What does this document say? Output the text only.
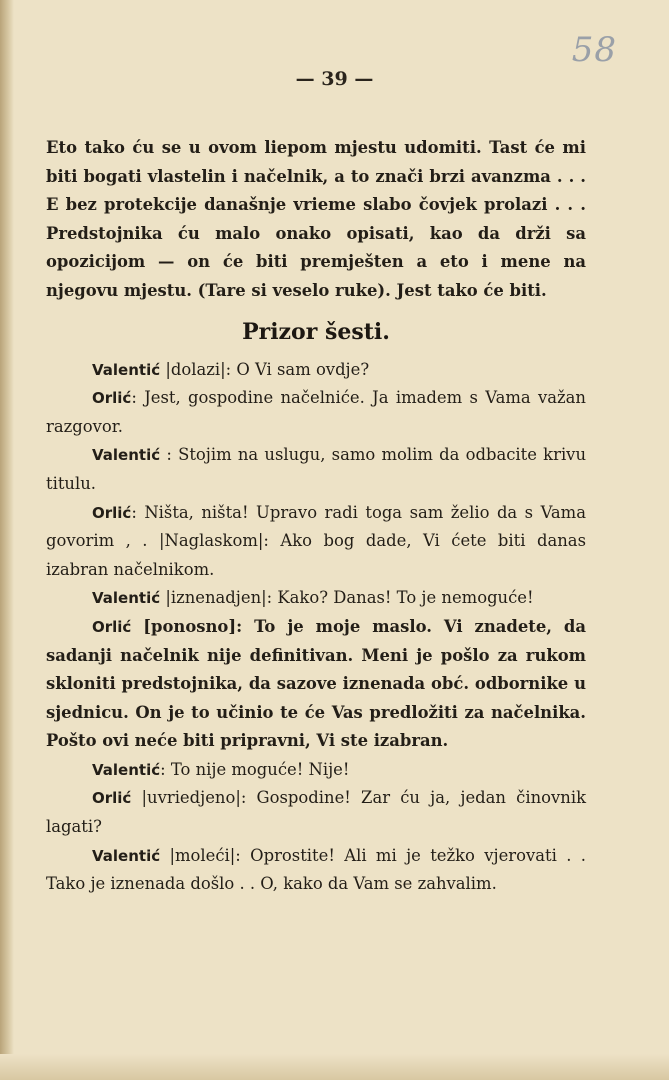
58
— 39 —

Eto tako ću se u ovom liepom mjestu udomiti. Tast će mi biti bogati vlastelin i načelnik, a to znači brzi avanzma . . . E bez protekcije današnje vrieme slabo čovjek prolazi . . . Predstojnika ću malo onako opisati, kao da drži sa opozicijom — on će biti premješten a eto i mene na njegovu mjestu. (Tare si veselo ruke). Jest tako će biti.

Prizor šesti.

Valentić |dolazi|: O Vi sam ovdje?

Orlić: Jest, gospodine načelniće. Ja imadem s Vama važan razgovor.

Valentić : Stojim na uslugu, samo molim da odbacite krivu titulu.

Orlić: Ništa, ništa! Upravo radi toga sam želio da s Vama govorim , . |Naglaskom|: Ako bog dade, Vi ćete biti danas izabran načelnikom.

Valentić |iznenadjen|: Kako? Danas! To je nemoguće!

Orlić [ponosno]: To je moje maslo. Vi znadete, da sadanji načelnik nije definitivan. Meni je pošlo za rukom skloniti predstojnika, da sazove iznenada obć. odbornike u sjednicu. On je to učinio te će Vas predložiti za načelnika. Pošto ovi neće biti pripravni, Vi ste izabran.

Valentić: To nije moguće! Nije!

Orlić |uvriedjeno|: Gospodine! Zar ću ja, jedan činovnik lagati?

Valentić |moleći|: Oprostite! Ali mi je težko vjerovati . . Tako je iznenada došlo . . O, kako da Vam se zahvalim.
